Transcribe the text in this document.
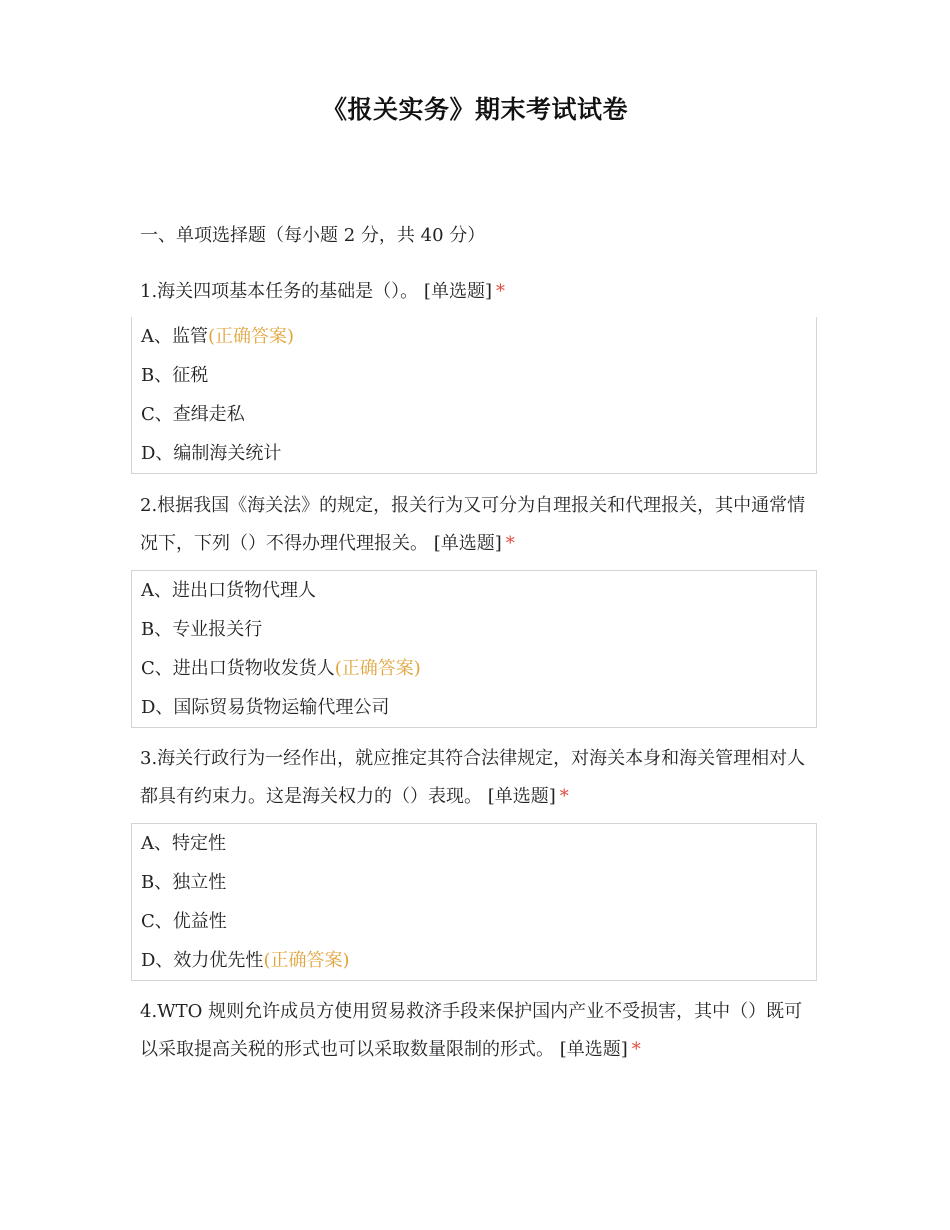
《报关实务》期末考试试卷
一、单项选择题（每小题 2 分，共 40 分）
1.海关四项基本任务的基础是（）。 [单选题] *
A、监管(正确答案)
B、征税
C、查缉走私
D、编制海关统计
2.根据我国《海关法》的规定，报关行为又可分为自理报关和代理报关，其中通常情况下，下列（）不得办理代理报关。 [单选题] *
A、进出口货物代理人
B、专业报关行
C、进出口货物收发货人(正确答案)
D、国际贸易货物运输代理公司
3.海关行政行为一经作出，就应推定其符合法律规定，对海关本身和海关管理相对人都具有约束力。这是海关权力的（）表现。 [单选题] *
A、特定性
B、独立性
C、优益性
D、效力优先性(正确答案)
4.WTO 规则允许成员方使用贸易救济手段来保护国内产业不受损害，其中（）既可以采取提高关税的形式也可以采取数量限制的形式。 [单选题] *
